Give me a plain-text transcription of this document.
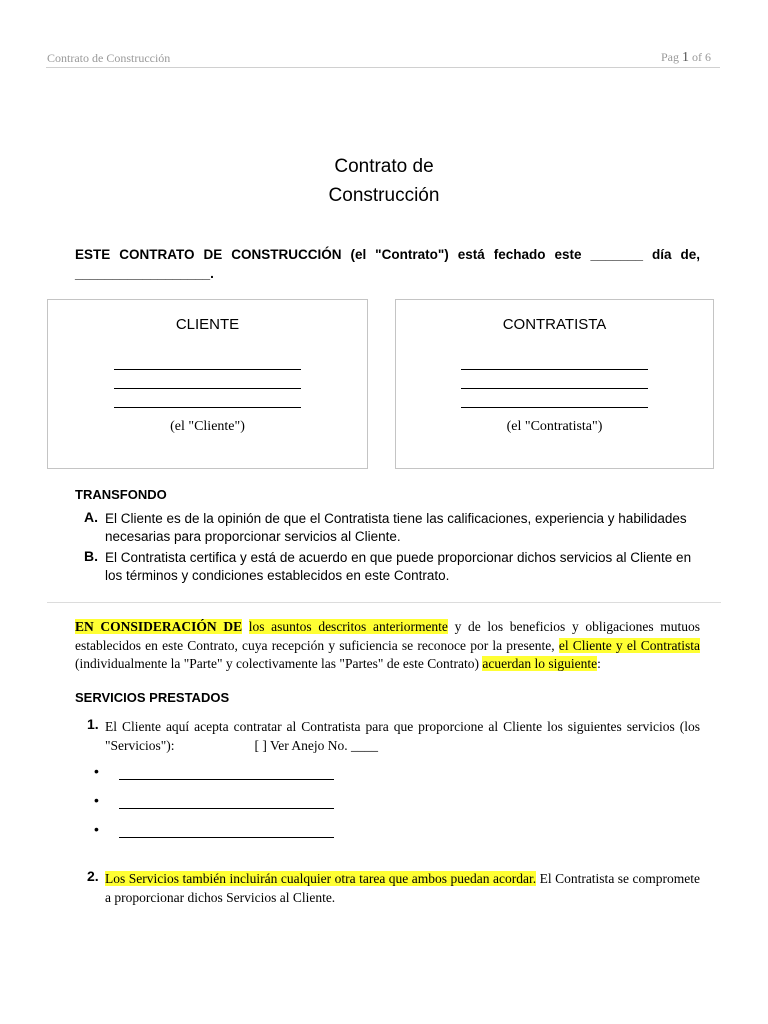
Contrato de Construcción	Pag 1 of 6
Contrato de
Construcción
ESTE CONTRATO DE CONSTRUCCIÓN (el "Contrato") está fechado este _______ día de, __________________.
CLIENTE
(el "Cliente")
CONTRATISTA
(el "Contratista")
TRANSFONDO
A. El Cliente es de la opinión de que el Contratista tiene las calificaciones, experiencia y habilidades necesarias para proporcionar servicios al Cliente.
B. El Contratista certifica y está de acuerdo en que puede proporcionar dichos servicios al Cliente en los términos y condiciones establecidos en este Contrato.
EN CONSIDERACIÓN DE los asuntos descritos anteriormente y de los beneficios y obligaciones mutuos establecidos en este Contrato, cuya recepción y suficiencia se reconoce por la presente, el Cliente y el Contratista (individualmente la "Parte" y colectivamente las "Partes" de este Contrato) acuerdan lo siguiente:
SERVICIOS PRESTADOS
1. El Cliente aquí acepta contratar al Contratista para que proporcione al Cliente los siguientes servicios (los "Servicios"):	[ ] Ver Anejo No. ____
•
•
•
2. Los Servicios también incluirán cualquier otra tarea que ambos puedan acordar. El Contratista se compromete a proporcionar dichos Servicios al Cliente.
